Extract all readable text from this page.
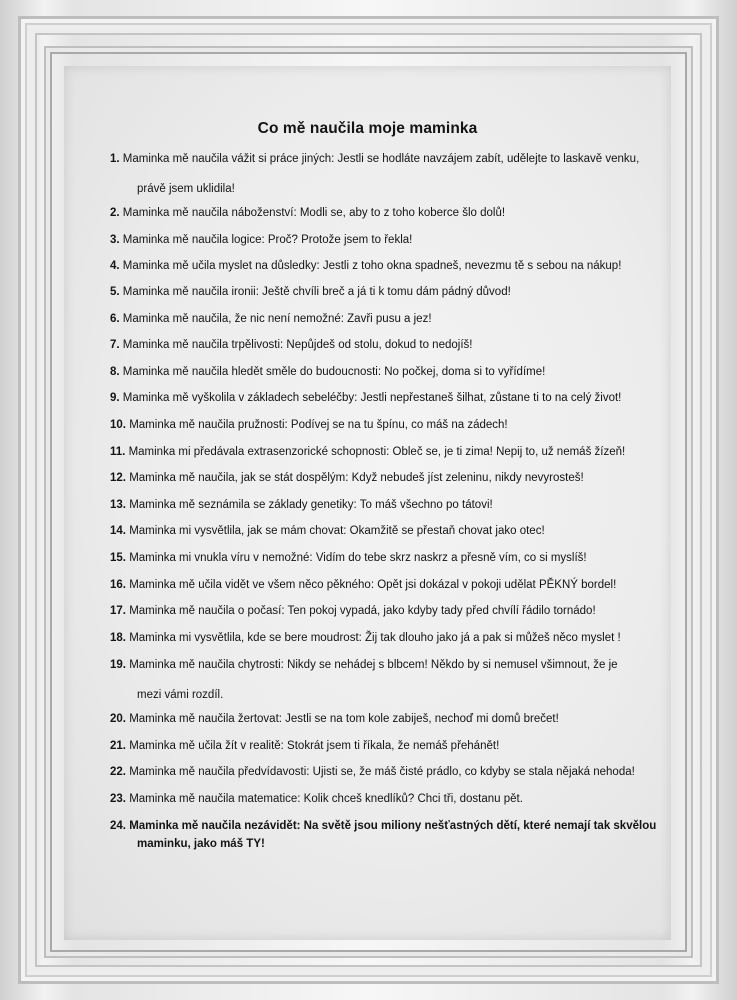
Co mě naučila moje maminka
1. Maminka mě naučila vážit si práce jiných: Jestli se hodláte navzájem zabít, udělejte to laskavě venku,
právě jsem uklidila!
2. Maminka mě naučila náboženství: Modli se, aby to z toho koberce šlo dolů!
3. Maminka mě naučila logice: Proč? Protože jsem to řekla!
4. Maminka mě učila myslet na důsledky: Jestli z toho okna spadneš, nevezmu tě s sebou na nákup!
5. Maminka mě naučila ironii: Ještě chvíli breč a já ti k tomu dám pádný důvod!
6. Maminka mě naučila, že nic není nemožné: Zavři pusu a jez!
7. Maminka mě naučila trpělivosti: Nepůjdeš od stolu, dokud to nedojíš!
8. Maminka mě naučila hledět směle do budoucnosti: No počkej, doma si to vyřídíme!
9. Maminka mě vyškolila v základech sebeléčby: Jestli nepřestaneš šilhat, zůstane ti to na celý život!
10. Maminka mě naučila pružnosti: Podívej se na tu špínu, co máš na zádech!
11. Maminka mi předávala extrasenzorické schopnosti: Obleč se, je ti zima! Nepij to, už nemáš žízeň!
12. Maminka mě naučila, jak se stát dospělým: Když nebudeš jíst zeleninu, nikdy nevyrosteš!
13. Maminka mě seznámila se základy genetiky: To máš všechno po tátovi!
14. Maminka mi vysvětlila, jak se mám chovat: Okamžitě se přestaň chovat jako otec!
15. Maminka mi vnukla víru v nemožné: Vidím do tebe skrz naskrz a přesně vím, co si myslíš!
16. Maminka mě učila vidět ve všem něco pěkného: Opět jsi dokázal v pokoji udělat PĚKNÝ bordel!
17. Maminka mě naučila o počasí: Ten pokoj vypadá, jako kdyby tady před chvílí řádilo tornádo!
18. Maminka mi vysvětlila, kde se bere moudrost: Žij tak dlouho jako já a pak si můžeš něco myslet !
19. Maminka mě naučila chytrosti: Nikdy se nehádej s blbcem! Někdo by si nemusel všimnout, že je
mezi vámi rozdíl.
20. Maminka mě naučila žertovat: Jestli se na tom kole zabiješ, nechoď mi domů brečet!
21. Maminka mě učila žít v realitě: Stokrát jsem ti říkala, že nemáš přehánět!
22. Maminka mě naučila předvídavosti: Ujisti se, že máš čisté prádlo, co kdyby se stala nějaká nehoda!
23. Maminka mě naučila matematice: Kolik chceš knedlíků? Chci tři, dostanu pět.
24. Maminka mě naučila nezávidět: Na světě jsou miliony nešťastných dětí, které nemají tak skvělou
maminku, jako máš TY!
